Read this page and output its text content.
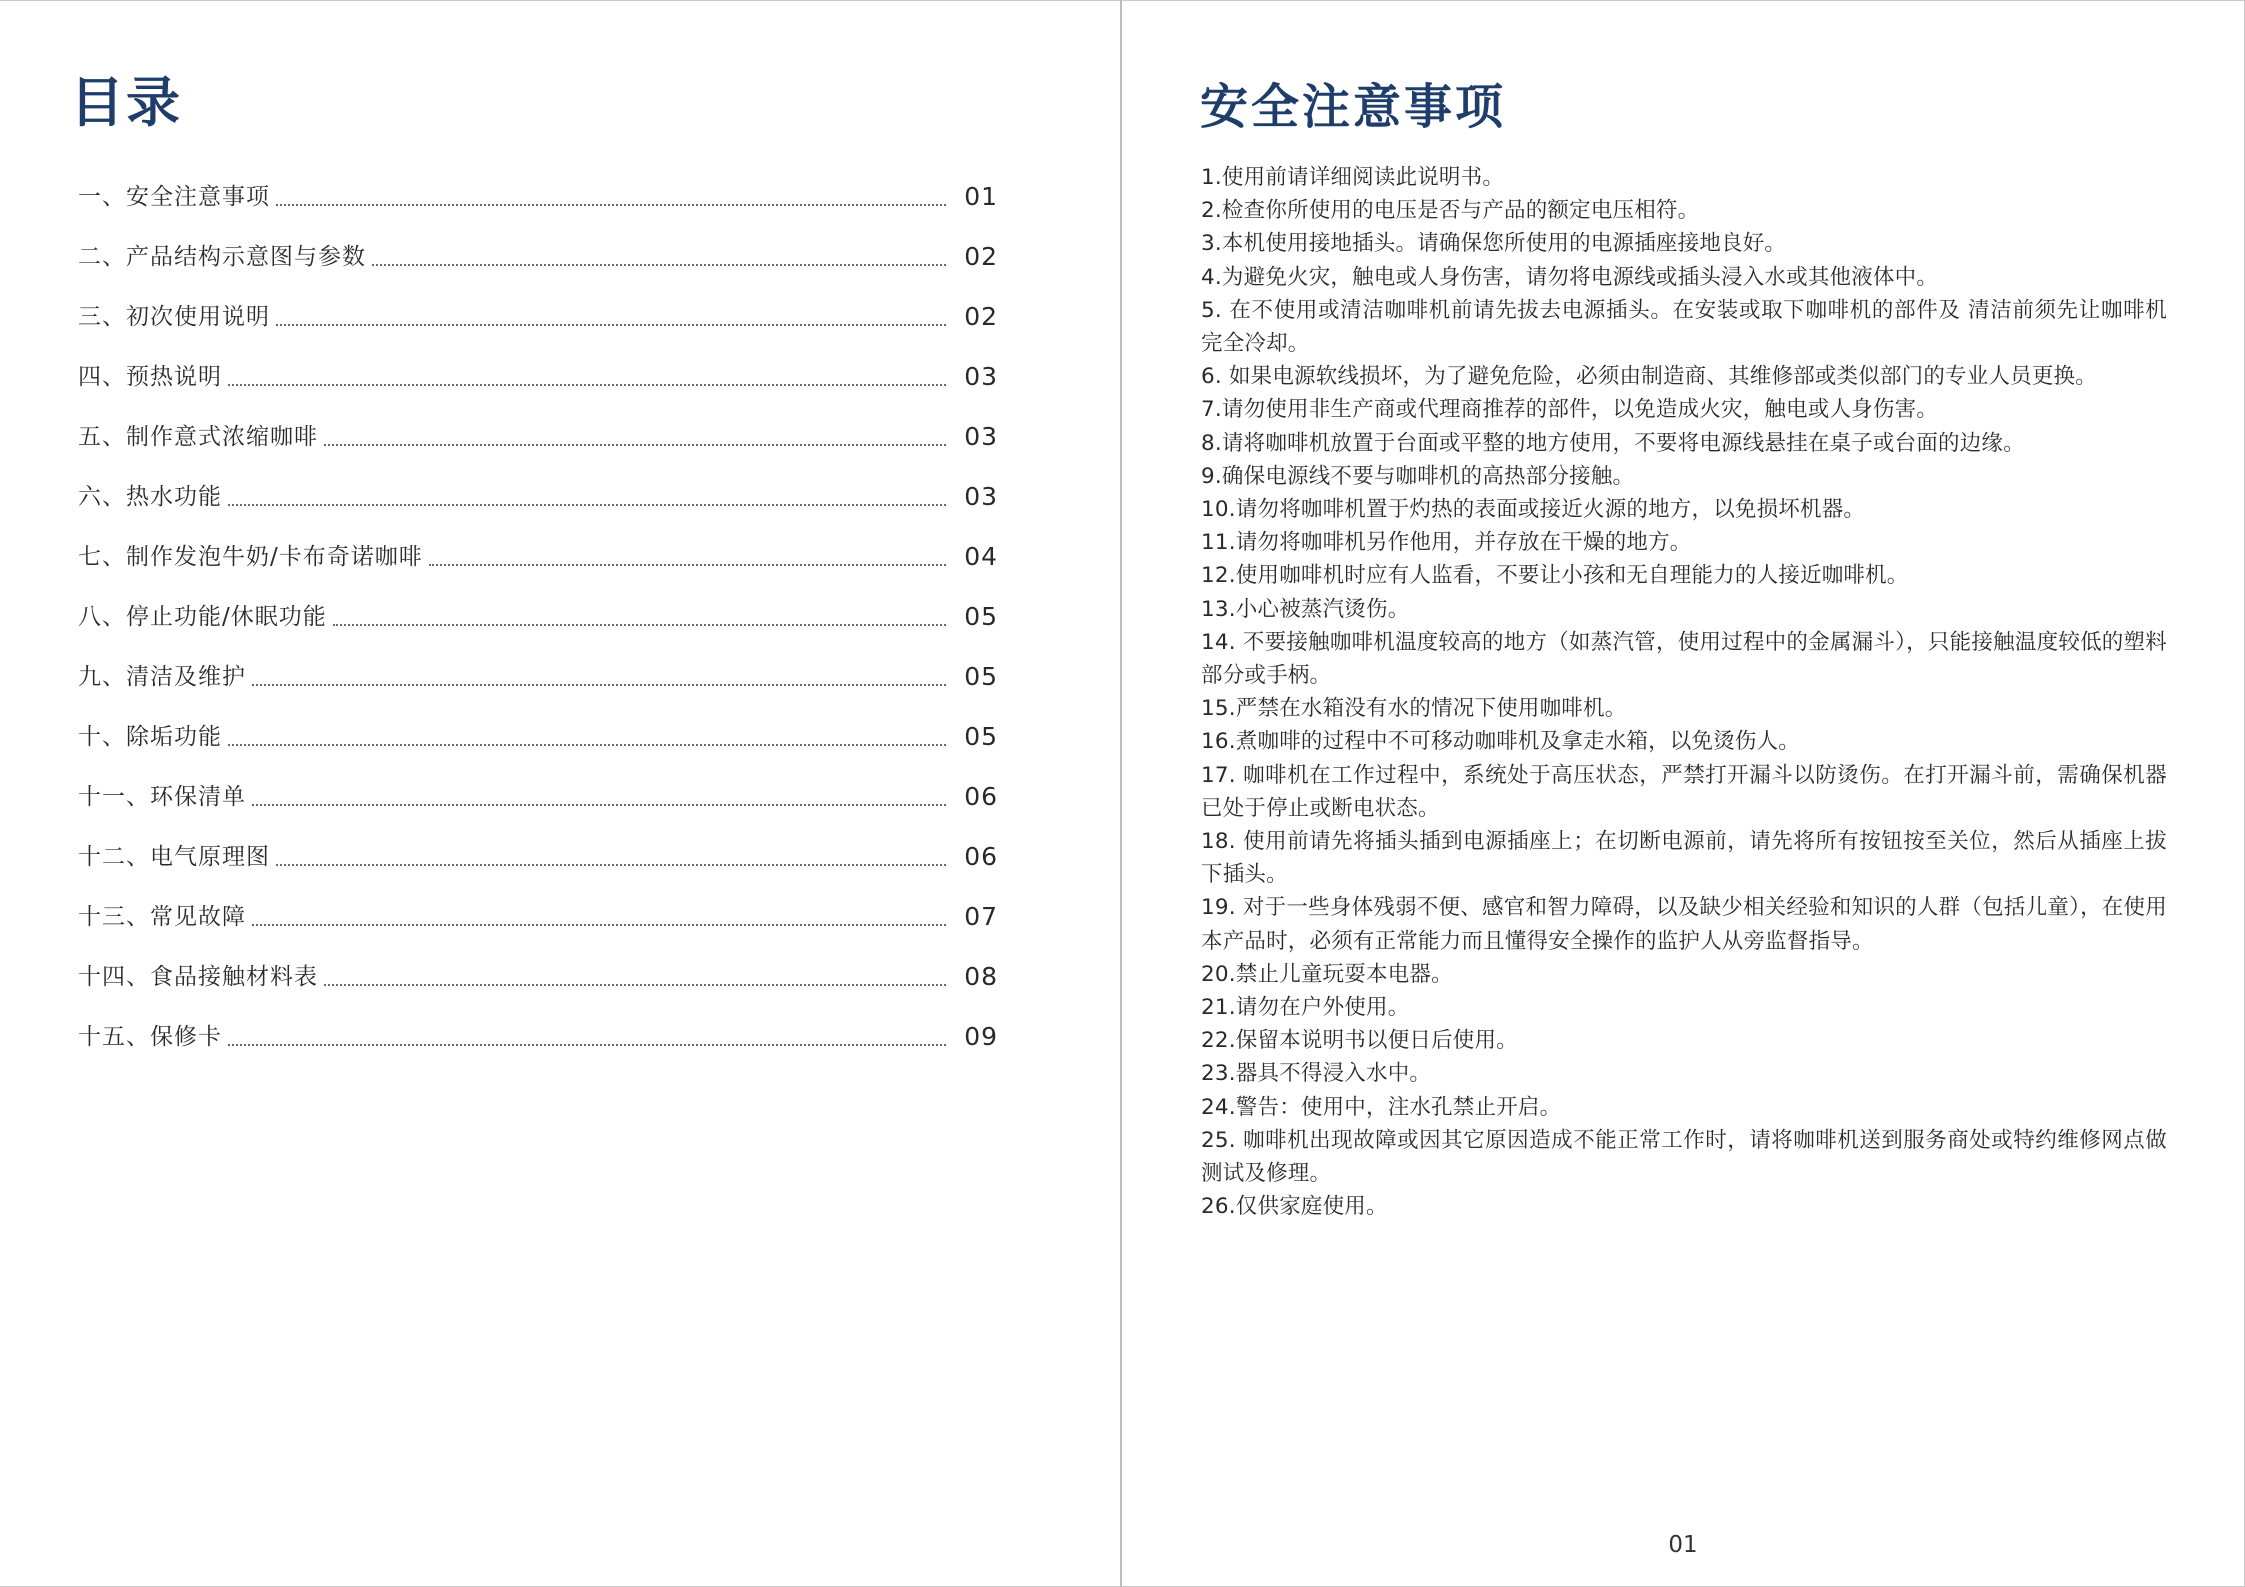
目录
一、安全注意事项	01
二、产品结构示意图与参数	02
三、初次使用说明	02
四、预热说明	03
五、制作意式浓缩咖啡	03
六、热水功能	03
七、制作发泡牛奶/卡布奇诺咖啡	04
八、停止功能/休眠功能	05
九、清洁及维护	05
十、除垢功能	05
十一、环保清单	06
十二、电气原理图	06
十三、常见故障	07
十四、食品接触材料表	08
十五、保修卡	09
安全注意事项
1.使用前请详细阅读此说明书。
2.检查你所使用的电压是否与产品的额定电压相符。
3.本机使用接地插头。请确保您所使用的电源插座接地良好。
4.为避免火灾，触电或人身伤害，请勿将电源线或插头浸入水或其他液体中。
5. 在不使用或清洁咖啡机前请先拔去电源插头。在安装或取下咖啡机的部件及 清洁前须先让咖啡机完全冷却。
6. 如果电源软线损坏，为了避免危险，必须由制造商、其维修部或类似部门的专业人员更换。
7.请勿使用非生产商或代理商推荐的部件，以免造成火灾，触电或人身伤害。
8.请将咖啡机放置于台面或平整的地方使用，不要将电源线悬挂在桌子或台面的边缘。
9.确保电源线不要与咖啡机的高热部分接触。
10.请勿将咖啡机置于灼热的表面或接近火源的地方，以免损坏机器。
11.请勿将咖啡机另作他用，并存放在干燥的地方。
12.使用咖啡机时应有人监看，不要让小孩和无自理能力的人接近咖啡机。
13.小心被蒸汽烫伤。
14. 不要接触咖啡机温度较高的地方（如蒸汽管，使用过程中的金属漏斗），只能接触温度较低的塑料部分或手柄。
15.严禁在水箱没有水的情况下使用咖啡机。
16.煮咖啡的过程中不可移动咖啡机及拿走水箱，以免烫伤人。
17. 咖啡机在工作过程中，系统处于高压状态，严禁打开漏斗以防烫伤。在打开漏斗前，需确保机器已处于停止或断电状态。
18. 使用前请先将插头插到电源插座上；在切断电源前，请先将所有按钮按至关位，然后从插座上拔下插头。
19. 对于一些身体残弱不便、感官和智力障碍，以及缺少相关经验和知识的人群（包括儿童），在使用本产品时，必须有正常能力而且懂得安全操作的监护人从旁监督指导。
20.禁止儿童玩耍本电器。
21.请勿在户外使用。
22.保留本说明书以便日后使用。
23.器具不得浸入水中。
24.警告：使用中，注水孔禁止开启。
25. 咖啡机出现故障或因其它原因造成不能正常工作时，请将咖啡机送到服务商处或特约维修网点做测试及修理。
26.仅供家庭使用。
01
